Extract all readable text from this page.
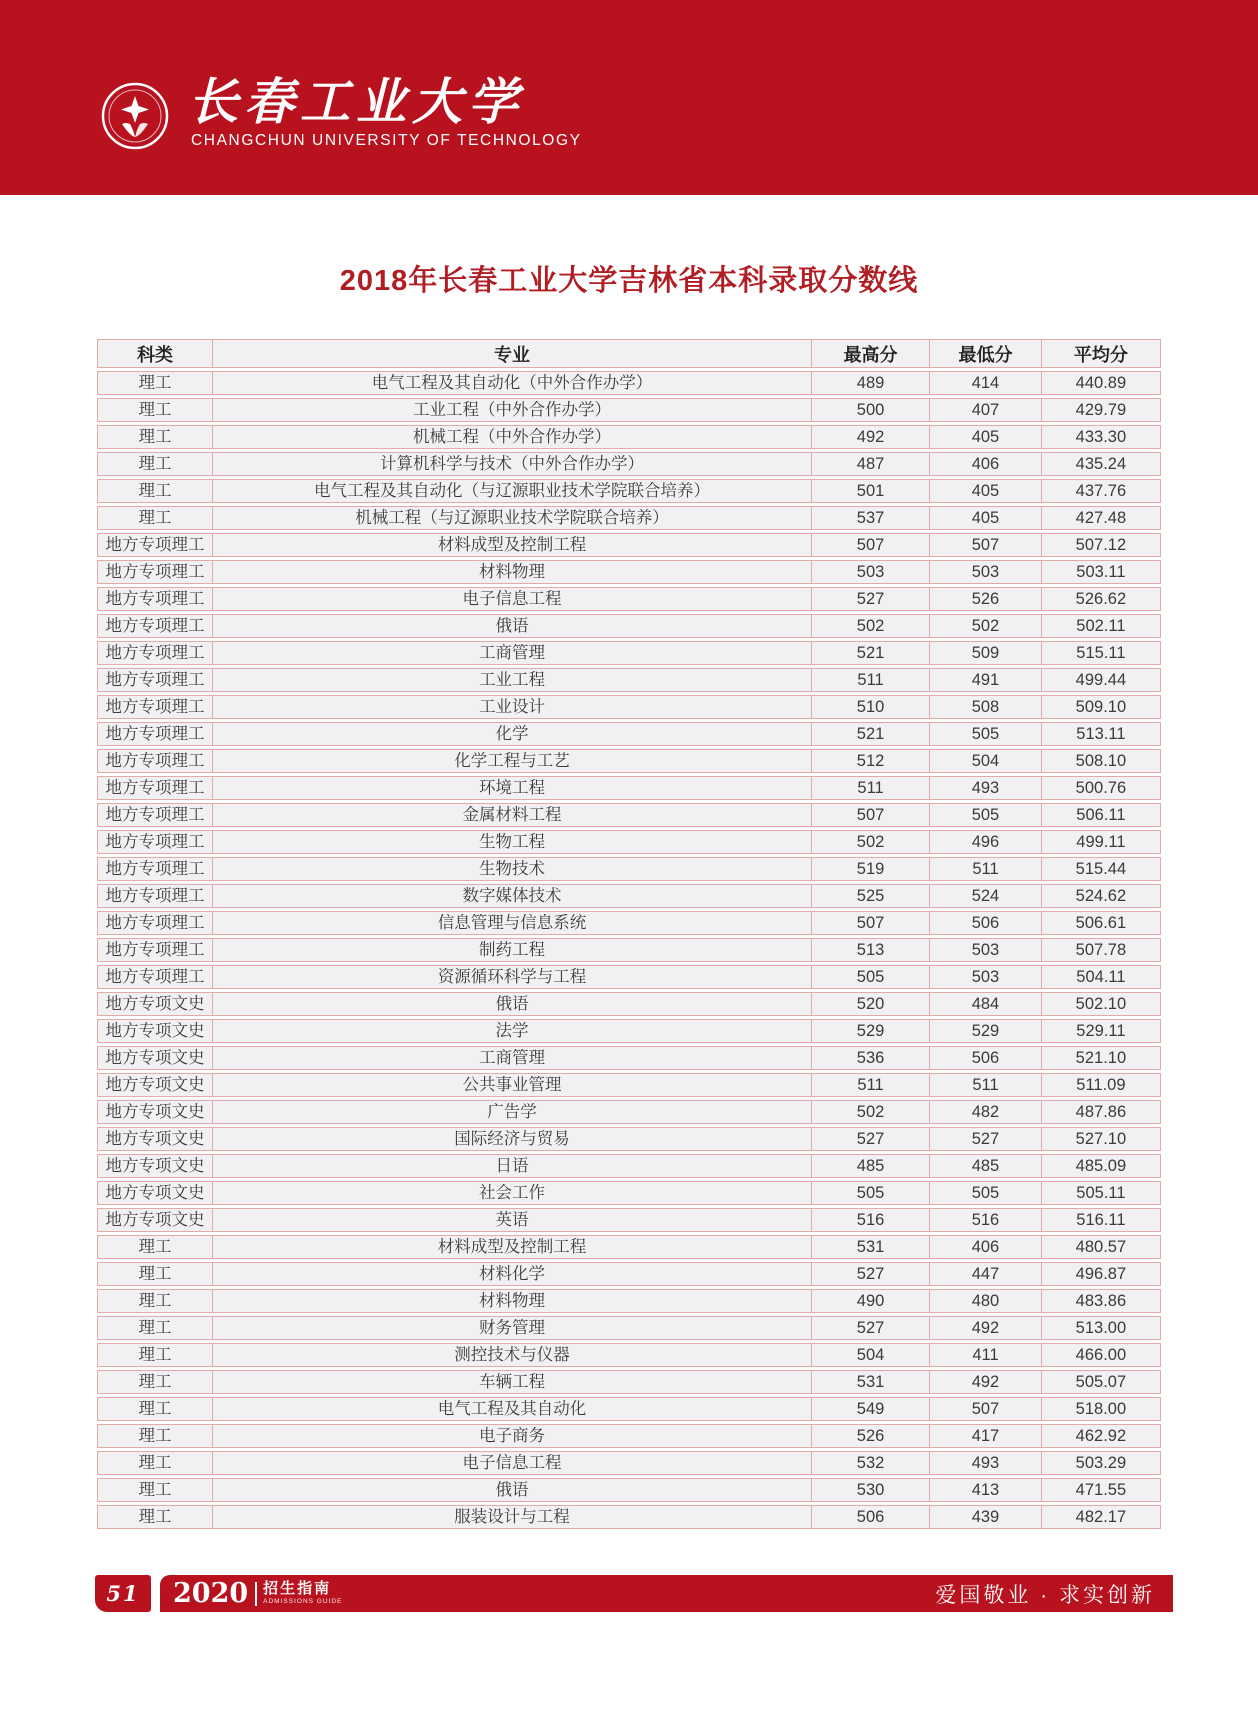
长春工业大学
CHANGCHUN UNIVERSITY OF TECHNOLOGY
2018年长春工业大学吉林省本科录取分数线
科类	专业	最高分	最低分	平均分
理工	电气工程及其自动化（中外合作办学）	489	414	440.89
理工	工业工程（中外合作办学）	500	407	429.79
理工	机械工程（中外合作办学）	492	405	433.30
理工	计算机科学与技术（中外合作办学）	487	406	435.24
理工	电气工程及其自动化（与辽源职业技术学院联合培养）	501	405	437.76
理工	机械工程（与辽源职业技术学院联合培养）	537	405	427.48
地方专项理工	材料成型及控制工程	507	507	507.12
地方专项理工	材料物理	503	503	503.11
地方专项理工	电子信息工程	527	526	526.62
地方专项理工	俄语	502	502	502.11
地方专项理工	工商管理	521	509	515.11
地方专项理工	工业工程	511	491	499.44
地方专项理工	工业设计	510	508	509.10
地方专项理工	化学	521	505	513.11
地方专项理工	化学工程与工艺	512	504	508.10
地方专项理工	环境工程	511	493	500.76
地方专项理工	金属材料工程	507	505	506.11
地方专项理工	生物工程	502	496	499.11
地方专项理工	生物技术	519	511	515.44
地方专项理工	数字媒体技术	525	524	524.62
地方专项理工	信息管理与信息系统	507	506	506.61
地方专项理工	制药工程	513	503	507.78
地方专项理工	资源循环科学与工程	505	503	504.11
地方专项文史	俄语	520	484	502.10
地方专项文史	法学	529	529	529.11
地方专项文史	工商管理	536	506	521.10
地方专项文史	公共事业管理	511	511	511.09
地方专项文史	广告学	502	482	487.86
地方专项文史	国际经济与贸易	527	527	527.10
地方专项文史	日语	485	485	485.09
地方专项文史	社会工作	505	505	505.11
地方专项文史	英语	516	516	516.11
理工	材料成型及控制工程	531	406	480.57
理工	材料化学	527	447	496.87
理工	材料物理	490	480	483.86
理工	财务管理	527	492	513.00
理工	测控技术与仪器	504	411	466.00
理工	车辆工程	531	492	505.07
理工	电气工程及其自动化	549	507	518.00
理工	电子商务	526	417	462.92
理工	电子信息工程	532	493	503.29
理工	俄语	530	413	471.55
理工	服装设计与工程	506	439	482.17
51 2020 招生指南
ADMISSIONS GUIDE	爱国敬业 · 求实创新
